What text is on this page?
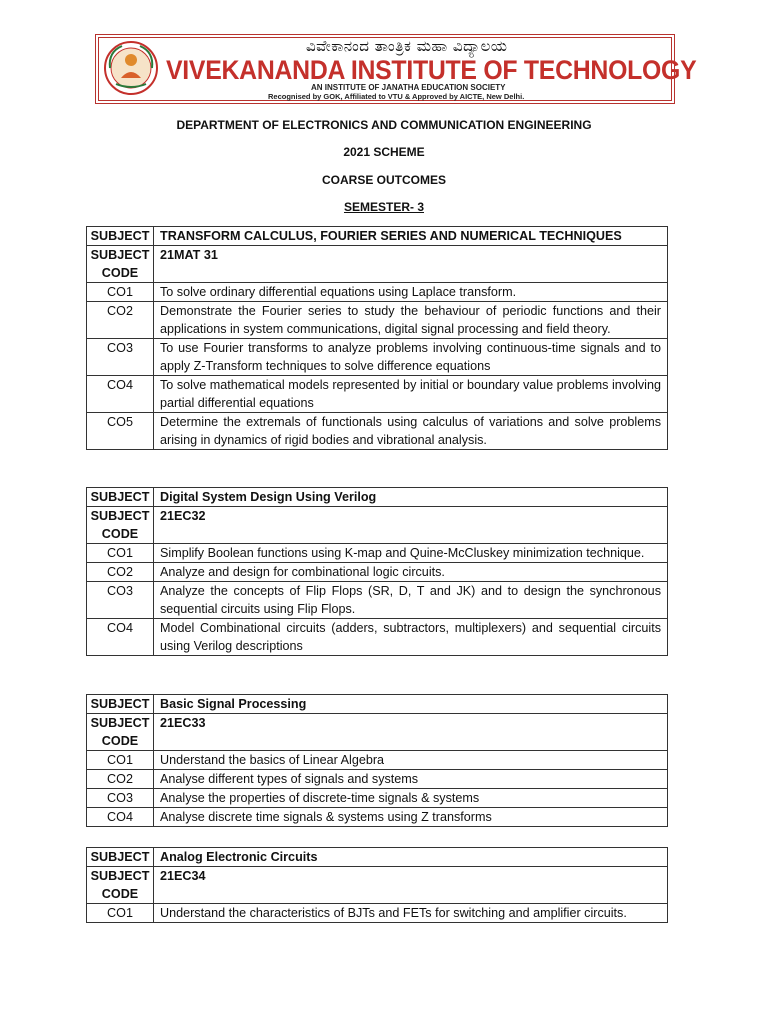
ವಿವೇಕಾನಂದ ತಾಂತ್ರಿಕ ಮಹಾ ವಿದ್ಯಾಲಯ
VIVEKANANDA INSTITUTE OF TECHNOLOGY
AN INSTITUTE OF JANATHA EDUCATION SOCIETY
Recognised by GOK, Affiliated to VTU & Approved by AICTE, New Delhi.
DEPARTMENT OF ELECTRONICS AND COMMUNICATION ENGINEERING
2021 SCHEME
COARSE OUTCOMES
SEMESTER- 3
SUBJECT	TRANSFORM CALCULUS, FOURIER SERIES AND NUMERICAL TECHNIQUES
SUBJECT
CODE	21MAT 31
CO1	To solve ordinary differential equations using Laplace transform.
CO2	Demonstrate the Fourier series to study the behaviour of periodic functions and their applications in system communications, digital signal processing and field theory.
CO3	To use Fourier transforms to analyze problems involving continuous-time signals and to apply Z-Transform techniques to solve difference equations
CO4	To solve mathematical models represented by initial or boundary value problems involving partial differential equations
CO5	Determine the extremals of functionals using calculus of variations and solve problems arising in dynamics of rigid bodies and vibrational analysis.
SUBJECT	Digital System Design Using Verilog
SUBJECT
CODE	21EC32
CO1	Simplify Boolean functions using K-map and Quine-McCluskey minimization technique.
CO2	Analyze and design for combinational logic circuits.
CO3	Analyze the concepts of Flip Flops (SR, D, T and JK) and to design the synchronous sequential circuits using Flip Flops.
CO4	Model Combinational circuits (adders, subtractors, multiplexers) and sequential circuits using Verilog descriptions
SUBJECT	Basic Signal Processing
SUBJECT
CODE	21EC33
CO1	Understand the basics of Linear Algebra
CO2	Analyse different types of signals and systems
CO3	Analyse the properties of discrete-time signals & systems
CO4	Analyse discrete time signals & systems using Z transforms
SUBJECT	Analog Electronic Circuits
SUBJECT
CODE	21EC34
CO1	Understand the characteristics of BJTs and FETs for switching and amplifier circuits.
